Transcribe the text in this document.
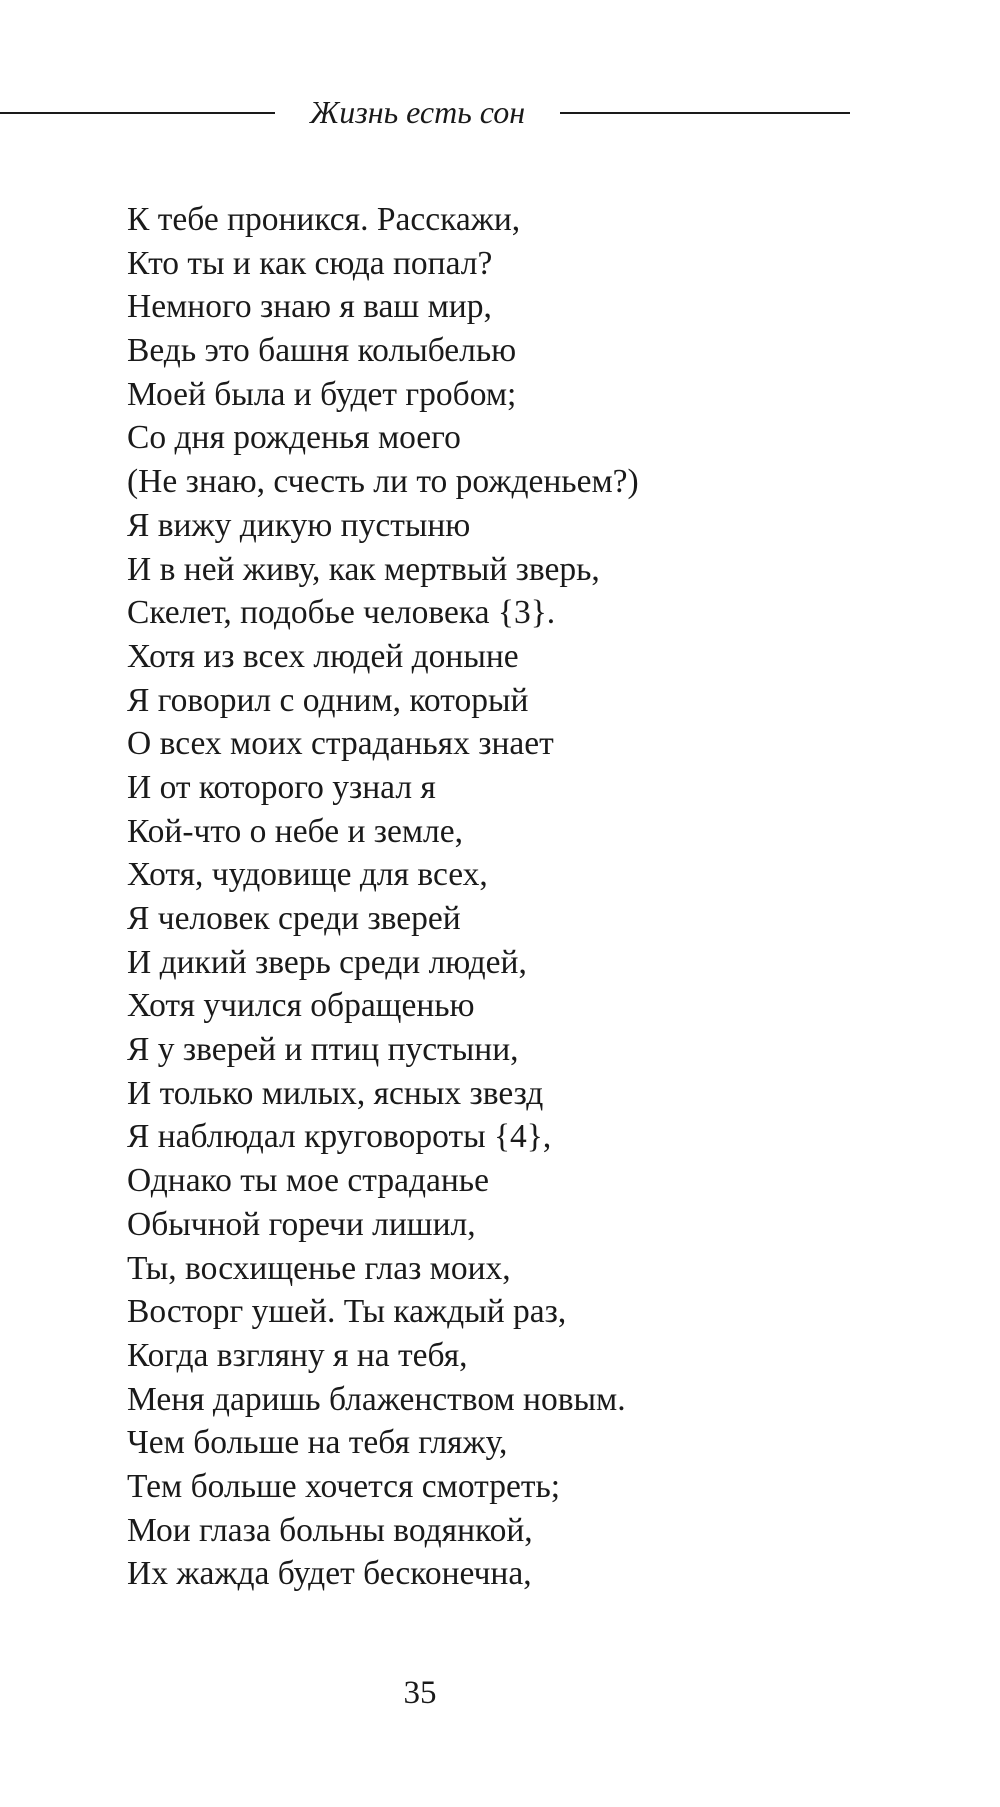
Жизнь есть сон
К тебе проникся. Расскажи,
Кто ты и как сюда попал?
Немного знаю я ваш мир,
Ведь это башня колыбелью
Моей была и будет гробом;
Со дня рожденья моего
(Не знаю, счесть ли то рожденьем?)
Я вижу дикую пустыню
И в ней живу, как мертвый зверь,
Скелет, подобье человека {3}.
Хотя из всех людей доныне
Я говорил с одним, который
О всех моих страданьях знает
И от которого узнал я
Кой-что о небе и земле,
Хотя, чудовище для всех,
Я человек среди зверей
И дикий зверь среди людей,
Хотя учился обращенью
Я у зверей и птиц пустыни,
И только милых, ясных звезд
Я наблюдал круговороты {4},
Однако ты мое страданье
Обычной горечи лишил,
Ты, восхищенье глаз моих,
Восторг ушей. Ты каждый раз,
Когда взгляну я на тебя,
Меня даришь блаженством новым.
Чем больше на тебя гляжу,
Тем больше хочется смотреть;
Мои глаза больны водянкой,
Их жажда будет бесконечна,
35
